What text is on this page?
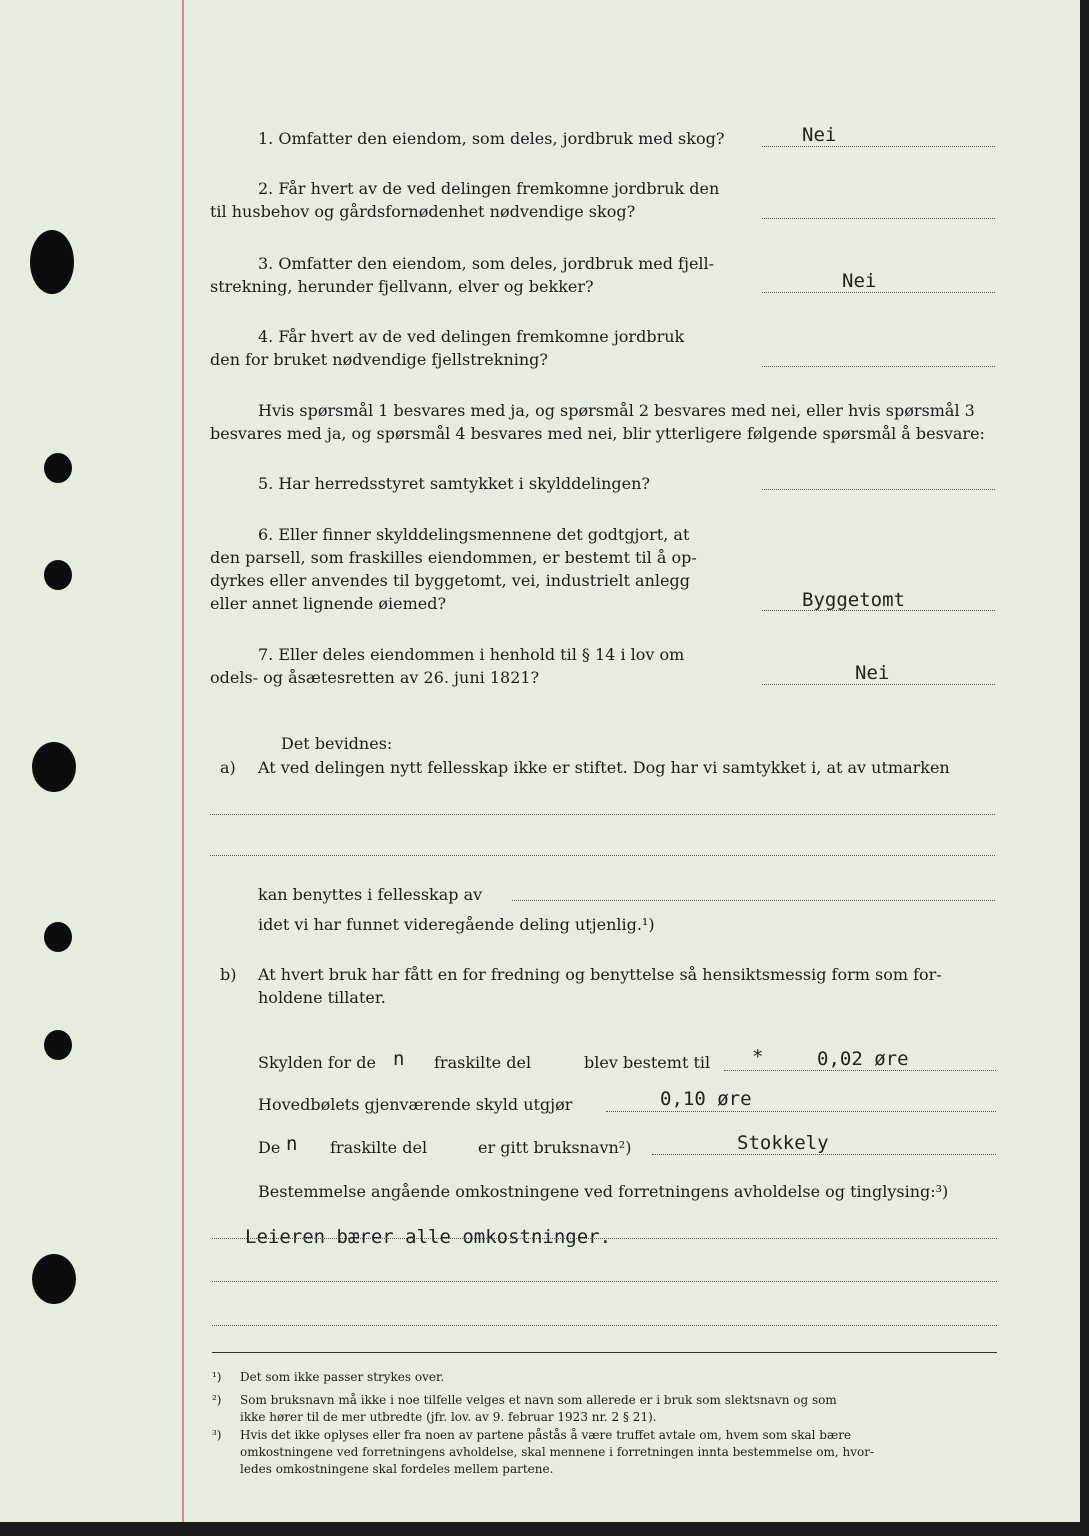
1. Omfatter den eiendom, som deles, jordbruk med skog?	Nei
2. Får hvert av de ved delingen fremkomne jordbruk den
til husbehov og gårdsfornødenhet nødvendige skog?
3. Omfatter den eiendom, som deles, jordbruk med fjell-
strekning, herunder fjellvann, elver og bekker?	Nei
4. Får hvert av de ved delingen fremkomne jordbruk
den for bruket nødvendige fjellstrekning?
Hvis spørsmål 1 besvares med ja, og spørsmål 2 besvares med nei, eller hvis spørsmål 3
besvares med ja, og spørsmål 4 besvares med nei, blir ytterligere følgende spørsmål å besvare:
5. Har herredsstyret samtykket i skylddelingen?
6. Eller finner skylddelingsmennene det godtgjort, at
den parsell, som fraskilles eiendommen, er bestemt til å op-
dyrkes eller anvendes til byggetomt, vei, industrielt anlegg
eller annet lignende øiemed?	Byggetomt
7. Eller deles eiendommen i henhold til § 14 i lov om
odels- og åsætesretten av 26. juni 1821?	Nei
Det bevidnes:
a) At ved delingen nytt fellesskap ikke er stiftet. Dog har vi samtykket i, at av utmarken
kan benyttes i fellesskap av
idet vi har funnet videregående deling utjenlig.¹)
b) At hvert bruk har fått en for fredning og benyttelse så hensiktsmessig form som for-
holdene tillater.
Skylden for de n fraskilte del	blev bestemt til *	0,02 øre
Hovedbølets gjenværende skyld utgjør	0,10 øre
De n fraskilte del	er gitt bruksnavn²)	Stokkely
Bestemmelse angående omkostningene ved forretningens avholdelse og tinglysing:³)
Leieren bærer alle omkostninger.
¹) Det som ikke passer strykes over.
²) Som bruksnavn må ikke i noe tilfelle velges et navn som allerede er i bruk som slektsnavn og som
ikke hører til de mer utbredte (jfr. lov. av 9. februar 1923 nr. 2 § 21).
³) Hvis det ikke oplyses eller fra noen av partene påstås å være truffet avtale om, hvem som skal bære
omkostningene ved forretningens avholdelse, skal mennene i forretningen innta bestemmelse om, hvor-
ledes omkostningene skal fordeles mellem partene.
